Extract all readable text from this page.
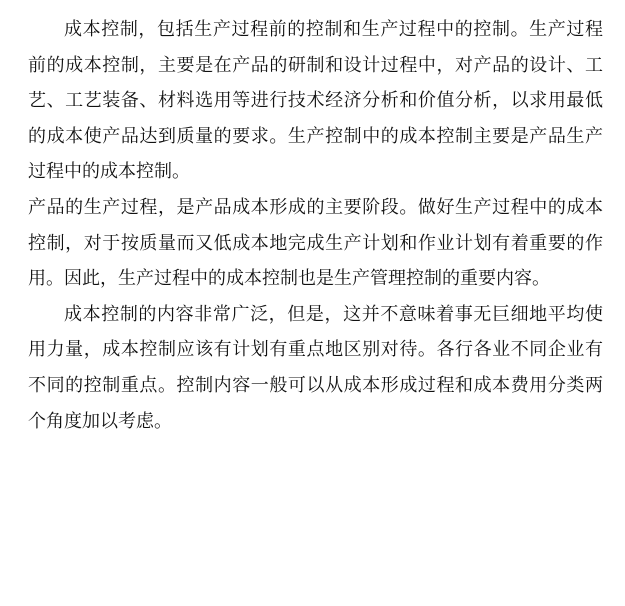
成本控制，包括生产过程前的控制和生产过程中的控制。生产过程前的成本控制，主要是在产品的研制和设计过程中，对产品的设计、工艺、工艺装备、材料选用等进行技术经济分析和价值分析，以求用最低的成本使产品达到质量的要求。生产控制中的成本控制主要是产品生产过程中的成本控制。

产品的生产过程，是产品成本形成的主要阶段。做好生产过程中的成本控制，对于按质量而又低成本地完成生产计划和作业计划有着重要的作用。因此，生产过程中的成本控制也是生产管理控制的重要内容。

成本控制的内容非常广泛，但是，这并不意味着事无巨细地平均使用力量，成本控制应该有计划有重点地区别对待。各行各业不同企业有不同的控制重点。控制内容一般可以从成本形成过程和成本费用分类两个角度加以考虑。
